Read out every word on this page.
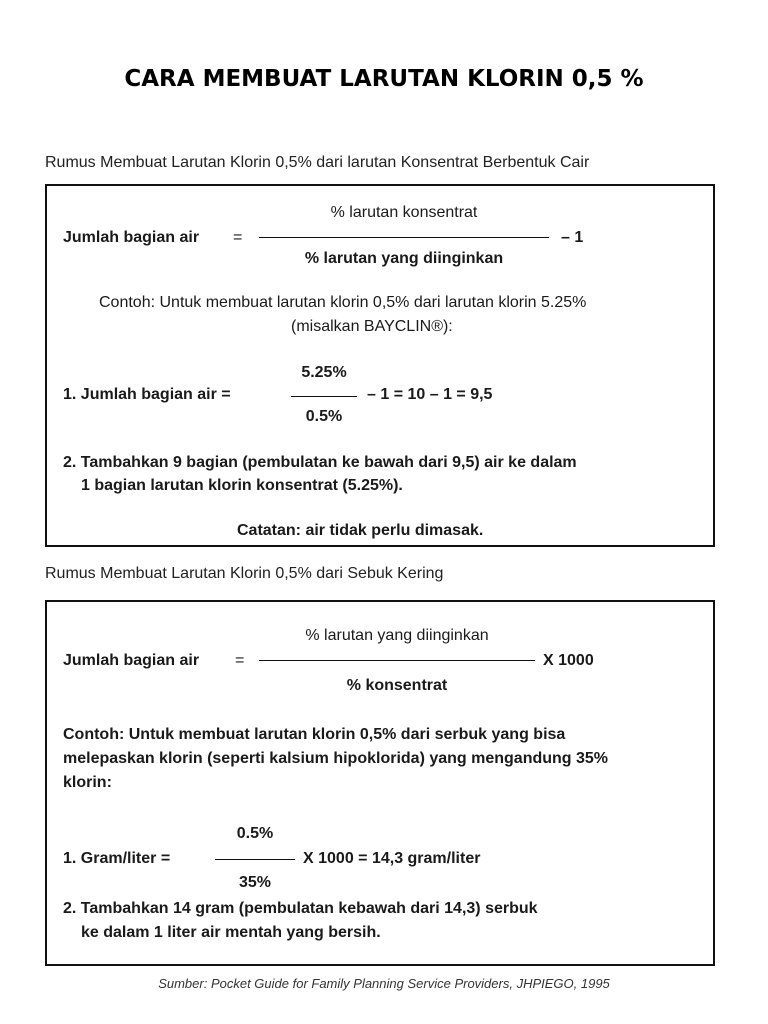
CARA MEMBUAT LARUTAN KLORIN 0,5 %
Rumus Membuat Larutan Klorin 0,5% dari larutan Konsentrat Berbentuk Cair
Jumlah bagian air =
% larutan konsentrat
% larutan yang diinginkan
– 1
Contoh: Untuk membuat larutan klorin 0,5% dari larutan klorin 5.25%
(misalkan BAYCLIN®):
1. Jumlah bagian air =
5.25%
0.5%
– 1 = 10 – 1 = 9,5
2. Tambahkan 9 bagian (pembulatan ke bawah dari 9,5) air ke dalam
1 bagian larutan klorin konsentrat (5.25%).
Catatan: air tidak perlu dimasak.
Rumus Membuat Larutan Klorin 0,5% dari Sebuk Kering
Jumlah bagian air =
% larutan yang diinginkan
% konsentrat
X 1000
Contoh: Untuk membuat larutan klorin 0,5% dari serbuk yang bisa
melepaskan klorin (seperti kalsium hipoklorida) yang mengandung 35%
klorin:
1. Gram/liter =
0.5%
35%
X 1000 = 14,3 gram/liter
2. Tambahkan 14 gram (pembulatan kebawah dari 14,3) serbuk
ke dalam 1 liter air mentah yang bersih.
Sumber: Pocket Guide for Family Planning Service Providers, JHPIEGO, 1995
